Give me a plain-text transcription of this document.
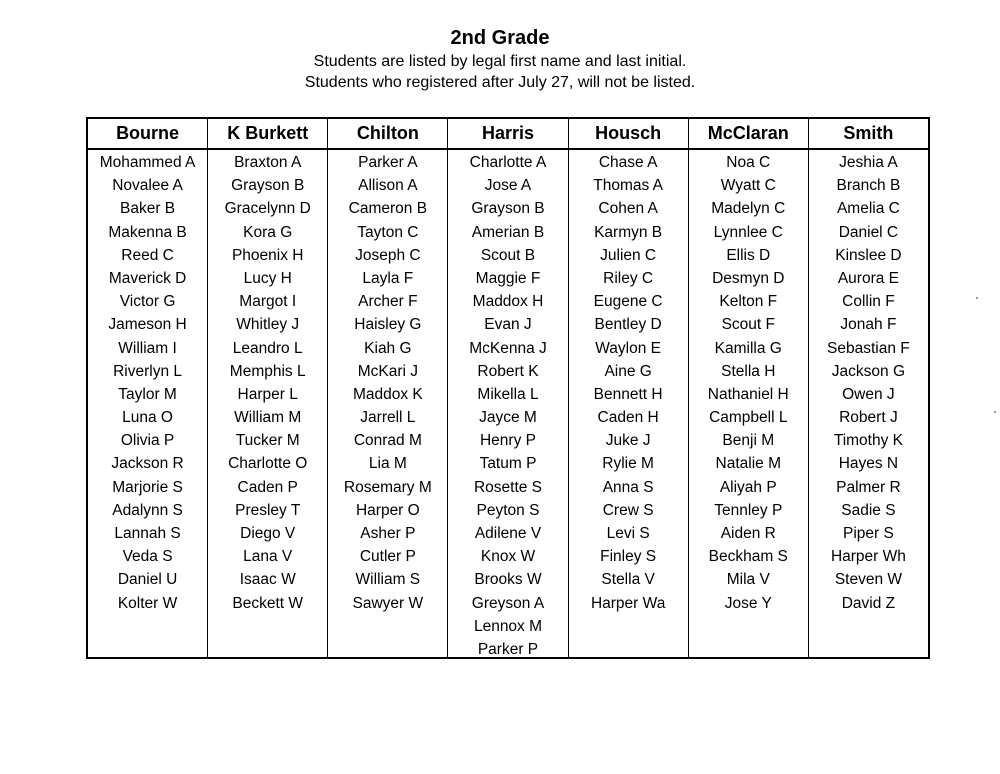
2nd Grade
Students are listed by legal first name and last initial.
Students who registered after July 27, will not be listed.
Bourne
Mohammed A
Novalee A
Baker B
Makenna B
Reed C
Maverick D
Victor G
Jameson H
William I
Riverlyn L
Taylor M
Luna O
Olivia P
Jackson R
Marjorie S
Adalynn S
Lannah S
Veda S
Daniel U
Kolter W
K Burkett
Braxton A
Grayson B
Gracelynn D
Kora G
Phoenix H
Lucy H
Margot I
Whitley J
Leandro L
Memphis L
Harper L
William M
Tucker M
Charlotte O
Caden P
Presley T
Diego V
Lana V
Isaac W
Beckett W
Chilton
Parker A
Allison A
Cameron B
Tayton C
Joseph C
Layla F
Archer F
Haisley G
Kiah G
McKari J
Maddox K
Jarrell L
Conrad M
Lia M
Rosemary M
Harper O
Asher P
Cutler P
William S
Sawyer W
Harris
Charlotte A
Jose A
Grayson B
Amerian B
Scout B
Maggie F
Maddox H
Evan J
McKenna J
Robert K
Mikella L
Jayce M
Henry P
Tatum P
Rosette S
Peyton S
Adilene V
Knox W
Brooks W
Greyson A
Lennox M
Parker P
Housch
Chase A
Thomas A
Cohen A
Karmyn B
Julien C
Riley C
Eugene C
Bentley D
Waylon E
Aine G
Bennett H
Caden H
Juke J
Rylie M
Anna S
Crew S
Levi S
Finley S
Stella V
Harper Wa
McClaran
Noa C
Wyatt C
Madelyn C
Lynnlee C
Ellis D
Desmyn D
Kelton F
Scout F
Kamilla G
Stella H
Nathaniel H
Campbell L
Benji M
Natalie M
Aliyah P
Tennley P
Aiden R
Beckham S
Mila V
Jose Y
Smith
Jeshia A
Branch B
Amelia C
Daniel C
Kinslee D
Aurora E
Collin F
Jonah F
Sebastian F
Jackson G
Owen J
Robert J
Timothy K
Hayes N
Palmer R
Sadie S
Piper S
Harper Wh
Steven W
David Z
